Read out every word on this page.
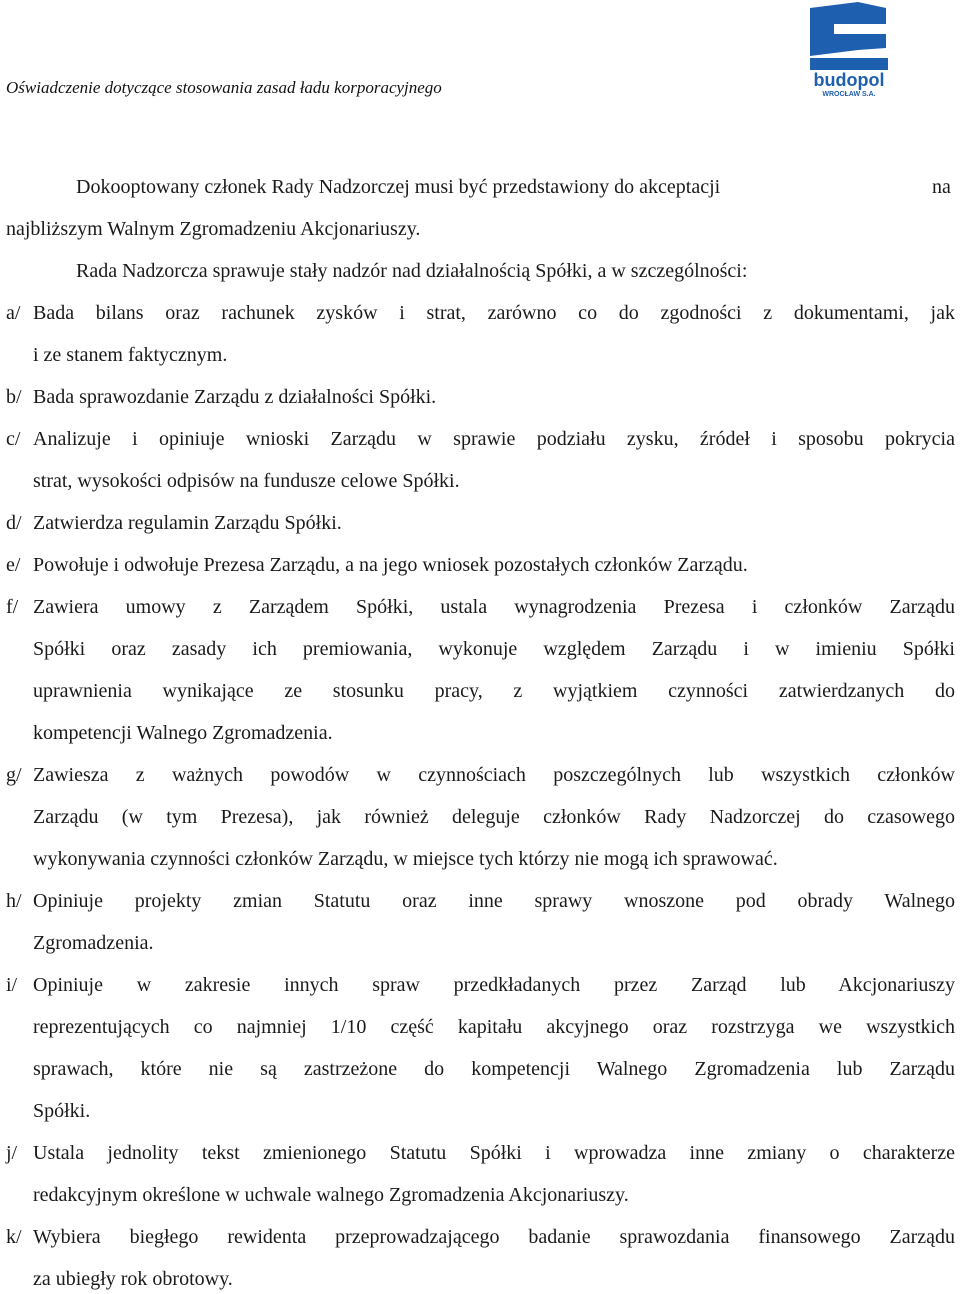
Oświadczenie dotyczące stosowania zasad ładu korporacyjnego	budopol
WROCŁAW S.A.
Dokooptowany członek Rady Nadzorczej musi być przedstawiony do akceptacji	na
najbliższym Walnym Zgromadzeniu Akcjonariuszy.
Rada Nadzorcza sprawuje stały nadzór nad działalnością Spółki, a w szczególności:
a/ Bada bilans oraz rachunek zysków i strat, zarówno co do zgodności z dokumentami, jak
i ze stanem faktycznym.
b/ Bada sprawozdanie Zarządu z działalności Spółki.
c/ Analizuje i opiniuje wnioski Zarządu w sprawie podziału zysku, źródeł i sposobu pokrycia
strat, wysokości odpisów na fundusze celowe Spółki.
d/ Zatwierdza regulamin Zarządu Spółki.
e/ Powołuje i odwołuje Prezesa Zarządu, a na jego wniosek pozostałych członków Zarządu.
f/ Zawiera umowy z Zarządem Spółki, ustala wynagrodzenia Prezesa i członków Zarządu
Spółki oraz zasady ich premiowania, wykonuje względem Zarządu i w imieniu Spółki
uprawnienia wynikające ze stosunku pracy, z wyjątkiem czynności zatwierdzanych do
kompetencji Walnego Zgromadzenia.
g/ Zawiesza z ważnych powodów w czynnościach poszczególnych lub wszystkich członków
Zarządu (w tym Prezesa), jak również deleguje członków Rady Nadzorczej do czasowego
wykonywania czynności członków Zarządu, w miejsce tych którzy nie mogą ich sprawować.
h/ Opiniuje projekty zmian Statutu oraz inne sprawy wnoszone pod obrady Walnego
Zgromadzenia.
i/ Opiniuje w zakresie innych spraw przedkładanych przez Zarząd lub Akcjonariuszy
reprezentujących co najmniej 1/10 część kapitału akcyjnego oraz rozstrzyga we wszystkich
sprawach, które nie są zastrzeżone do kompetencji Walnego Zgromadzenia lub Zarządu
Spółki.
j/ Ustala jednolity tekst zmienionego Statutu Spółki i wprowadza inne zmiany o charakterze
redakcyjnym określone w uchwale walnego Zgromadzenia Akcjonariuszy.
k/ Wybiera biegłego rewidenta przeprowadzającego badanie sprawozdania finansowego Zarządu
za ubiegły rok obrotowy.
